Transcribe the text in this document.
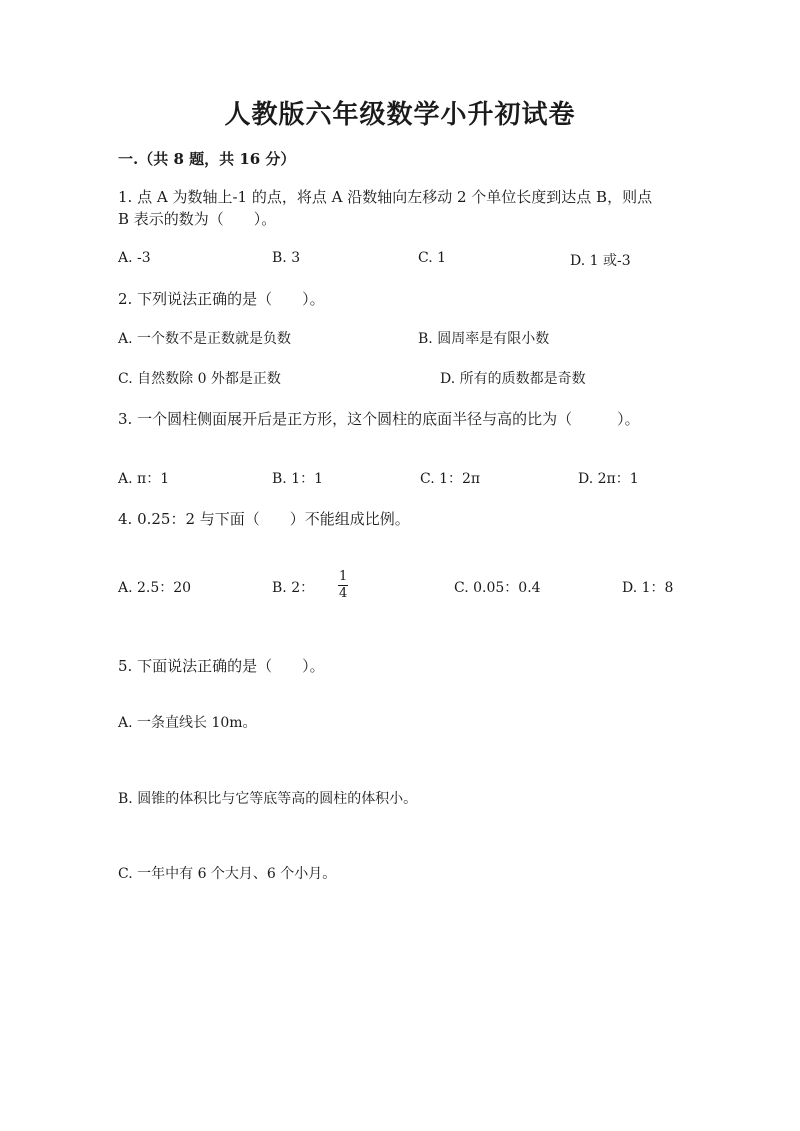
人教版六年级数学小升初试卷
一.（共 8 题，共 16 分）
1. 点 A 为数轴上-1 的点，将点 A 沿数轴向左移动 2 个单位长度到达点 B，则点
B 表示的数为（　　）。
A. -3	B. 3	C. 1	D. 1 或-3
2. 下列说法正确的是（　　）。
A. 一个数不是正数就是负数	B. 圆周率是有限小数
C. 自然数除 0 外都是正数	D. 所有的质数都是奇数
3. 一个圆柱侧面展开后是正方形，这个圆柱的底面半径与高的比为（　　　）。
A. π：1	B. 1：1	C. 1：2π	D. 2π：1
4. 0.25：2 与下面（　　）不能组成比例。
A. 2.5：20	B. 2：
1
4	C. 0.05：0.4	D. 1：8
5. 下面说法正确的是（　　）。
A. 一条直线长 10m。
B. 圆锥的体积比与它等底等高的圆柱的体积小。
C. 一年中有 6 个大月、6 个小月。
